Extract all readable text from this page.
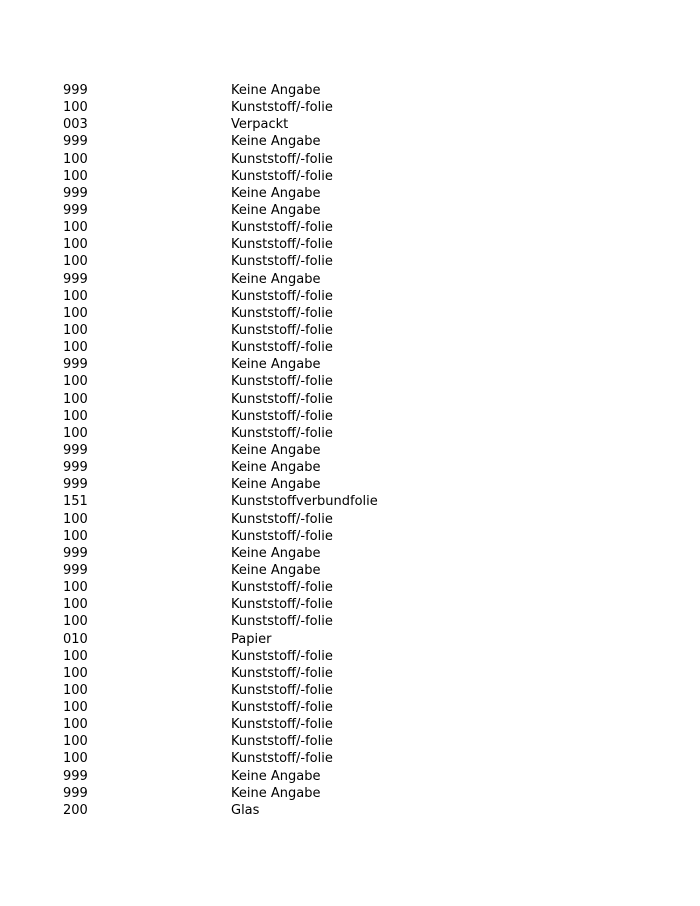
999	Keine Angabe
100	Kunststoff/-folie
003	Verpackt
999	Keine Angabe
100	Kunststoff/-folie
100	Kunststoff/-folie
999	Keine Angabe
999	Keine Angabe
100	Kunststoff/-folie
100	Kunststoff/-folie
100	Kunststoff/-folie
999	Keine Angabe
100	Kunststoff/-folie
100	Kunststoff/-folie
100	Kunststoff/-folie
100	Kunststoff/-folie
999	Keine Angabe
100	Kunststoff/-folie
100	Kunststoff/-folie
100	Kunststoff/-folie
100	Kunststoff/-folie
999	Keine Angabe
999	Keine Angabe
999	Keine Angabe
151	Kunststoffverbundfolie
100	Kunststoff/-folie
100	Kunststoff/-folie
999	Keine Angabe
999	Keine Angabe
100	Kunststoff/-folie
100	Kunststoff/-folie
100	Kunststoff/-folie
010	Papier
100	Kunststoff/-folie
100	Kunststoff/-folie
100	Kunststoff/-folie
100	Kunststoff/-folie
100	Kunststoff/-folie
100	Kunststoff/-folie
100	Kunststoff/-folie
999	Keine Angabe
999	Keine Angabe
200	Glas
